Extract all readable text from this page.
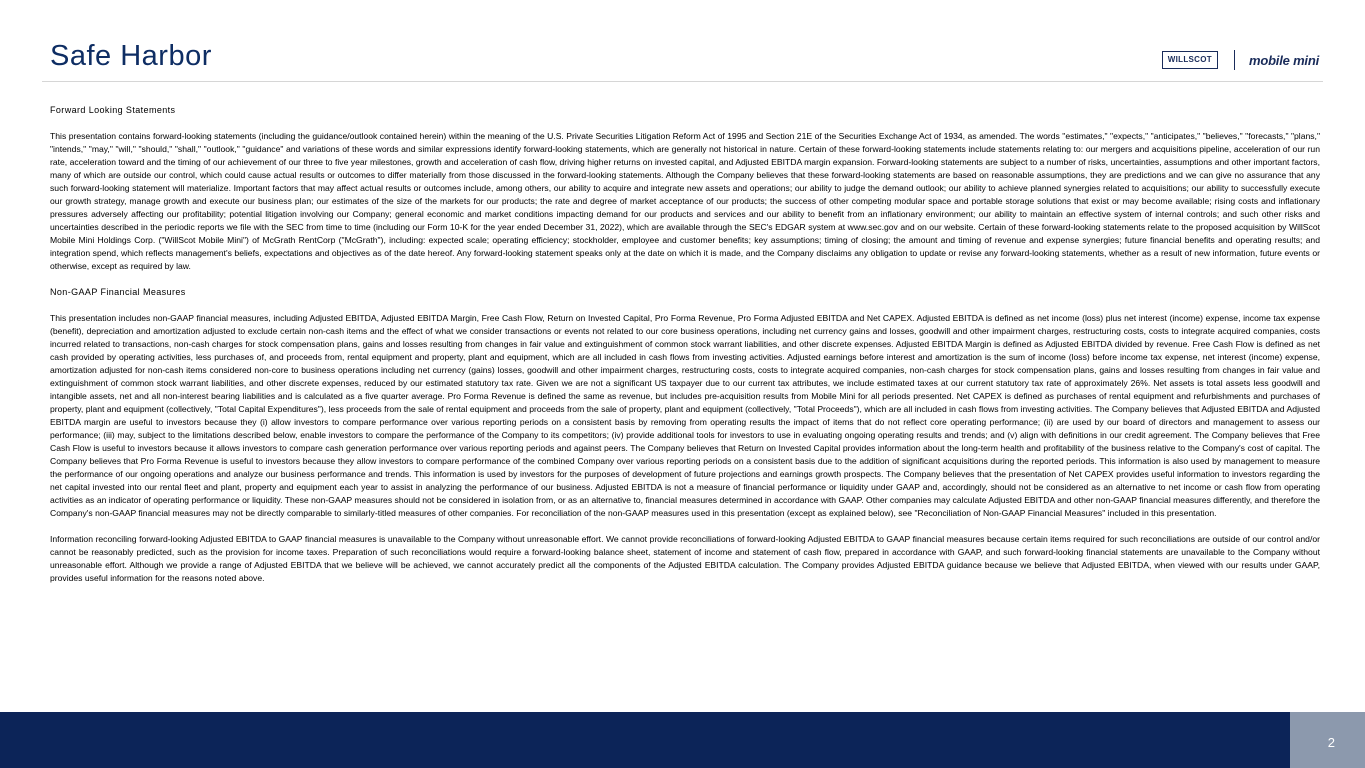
Safe Harbor	WILLSCOT	mobile mini
Forward Looking Statements

This presentation contains forward-looking statements (including the guidance/outlook contained herein) within the meaning of the U.S. Private Securities Litigation Reform Act of 1995 and Section 21E of the Securities Exchange Act of 1934, as amended. The words "estimates," "expects," "anticipates," "believes," "forecasts," "plans," "intends," "may," "will," "should," "shall," "outlook," "guidance" and variations of these words and similar expressions identify forward-looking statements, which are generally not historical in nature. Certain of these forward-looking statements include statements relating to: our mergers and acquisitions pipeline, acceleration of our run rate, acceleration toward and the timing of our achievement of our three to five year milestones, growth and acceleration of cash flow, driving higher returns on invested capital, and Adjusted EBITDA margin expansion. Forward-looking statements are subject to a number of risks, uncertainties, assumptions and other important factors, many of which are outside our control, which could cause actual results or outcomes to differ materially from those discussed in the forward-looking statements. Although the Company believes that these forward-looking statements are based on reasonable assumptions, they are predictions and we can give no assurance that any such forward-looking statement will materialize. Important factors that may affect actual results or outcomes include, among others, our ability to acquire and integrate new assets and operations; our ability to judge the demand outlook; our ability to achieve planned synergies related to acquisitions; our ability to successfully execute our growth strategy, manage growth and execute our business plan; our estimates of the size of the markets for our products; the rate and degree of market acceptance of our products; the success of other competing modular space and portable storage solutions that exist or may become available; rising costs and inflationary pressures adversely affecting our profitability; potential litigation involving our Company; general economic and market conditions impacting demand for our products and services and our ability to benefit from an inflationary environment; our ability to maintain an effective system of internal controls; and such other risks and uncertainties described in the periodic reports we file with the SEC from time to time (including our Form 10-K for the year ended December 31, 2022), which are available through the SEC's EDGAR system at www.sec.gov and on our website. Certain of these forward-looking statements relate to the proposed acquisition by WillScot Mobile Mini Holdings Corp. ("WillScot Mobile Mini") of McGrath RentCorp ("McGrath"), including: expected scale; operating efficiency; stockholder, employee and customer benefits; key assumptions; timing of closing; the amount and timing of revenue and expense synergies; future financial benefits and operating results; and integration spend, which reflects management's beliefs, expectations and objectives as of the date hereof. Any forward-looking statement speaks only at the date on which it is made, and the Company disclaims any obligation to update or revise any forward-looking statements, whether as a result of new information, future events or otherwise, except as required by law.

Non-GAAP Financial Measures

This presentation includes non-GAAP financial measures, including Adjusted EBITDA, Adjusted EBITDA Margin, Free Cash Flow, Return on Invested Capital, Pro Forma Revenue, Pro Forma Adjusted EBITDA and Net CAPEX. Adjusted EBITDA is defined as net income (loss) plus net interest (income) expense, income tax expense (benefit), depreciation and amortization adjusted to exclude certain non-cash items and the effect of what we consider transactions or events not related to our core business operations, including net currency gains and losses, goodwill and other impairment charges, restructuring costs, costs to integrate acquired companies, costs incurred related to transactions, non-cash charges for stock compensation plans, gains and losses resulting from changes in fair value and extinguishment of common stock warrant liabilities, and other discrete expenses. Adjusted EBITDA Margin is defined as Adjusted EBITDA divided by revenue. Free Cash Flow is defined as net cash provided by operating activities, less purchases of, and proceeds from, rental equipment and property, plant and equipment, which are all included in cash flows from investing activities. Adjusted earnings before interest and amortization is the sum of income (loss) before income tax expense, net interest (income) expense, amortization adjusted for non-cash items considered non-core to business operations including net currency (gains) losses, goodwill and other impairment charges, restructuring costs, costs to integrate acquired companies, non-cash charges for stock compensation plans, gains and losses resulting from changes in fair value and extinguishment of common stock warrant liabilities, and other discrete expenses, reduced by our estimated statutory tax rate. Given we are not a significant US taxpayer due to our current tax attributes, we include estimated taxes at our current statutory tax rate of approximately 26%. Net assets is total assets less goodwill and intangible assets, net and all non-interest bearing liabilities and is calculated as a five quarter average. Pro Forma Revenue is defined the same as revenue, but includes pre-acquisition results from Mobile Mini for all periods presented. Net CAPEX is defined as purchases of rental equipment and refurbishments and purchases of property, plant and equipment (collectively, "Total Capital Expenditures"), less proceeds from the sale of rental equipment and proceeds from the sale of property, plant and equipment (collectively, "Total Proceeds"), which are all included in cash flows from investing activities. The Company believes that Adjusted EBITDA and Adjusted EBITDA margin are useful to investors because they (i) allow investors to compare performance over various reporting periods on a consistent basis by removing from operating results the impact of items that do not reflect core operating performance; (ii) are used by our board of directors and management to assess our performance; (iii) may, subject to the limitations described below, enable investors to compare the performance of the Company to its competitors; (iv) provide additional tools for investors to use in evaluating ongoing operating results and trends; and (v) align with definitions in our credit agreement. The Company believes that Free Cash Flow is useful to investors because it allows investors to compare cash generation performance over various reporting periods and against peers. The Company believes that Return on Invested Capital provides information about the long-term health and profitability of the business relative to the Company's cost of capital. The Company believes that Pro Forma Revenue is useful to investors because they allow investors to compare performance of the combined Company over various reporting periods on a consistent basis due to the addition of significant acquisitions during the reported periods. This information is also used by management to measure the performance of our ongoing operations and analyze our business performance and trends. This information is used by investors for the purposes of development of future projections and earnings growth prospects. The Company believes that the presentation of Net CAPEX provides useful information to investors regarding the net capital invested into our rental fleet and plant, property and equipment each year to assist in analyzing the performance of our business. Adjusted EBITDA is not a measure of financial performance or liquidity under GAAP and, accordingly, should not be considered as an alternative to net income or cash flow from operating activities as an indicator of operating performance or liquidity. These non-GAAP measures should not be considered in isolation from, or as an alternative to, financial measures determined in accordance with GAAP. Other companies may calculate Adjusted EBITDA and other non-GAAP financial measures differently, and therefore the Company's non-GAAP financial measures may not be directly comparable to similarly-titled measures of other companies. For reconciliation of the non-GAAP measures used in this presentation (except as explained below), see "Reconciliation of Non-GAAP Financial Measures" included in this presentation.

Information reconciling forward-looking Adjusted EBITDA to GAAP financial measures is unavailable to the Company without unreasonable effort. We cannot provide reconciliations of forward-looking Adjusted EBITDA to GAAP financial measures because certain items required for such reconciliations are outside of our control and/or cannot be reasonably predicted, such as the provision for income taxes. Preparation of such reconciliations would require a forward-looking balance sheet, statement of income and statement of cash flow, prepared in accordance with GAAP, and such forward-looking financial statements are unavailable to the Company without unreasonable effort. Although we provide a range of Adjusted EBITDA that we believe will be achieved, we cannot accurately predict all the components of the Adjusted EBITDA calculation. The Company provides Adjusted EBITDA guidance because we believe that Adjusted EBITDA, when viewed with our results under GAAP, provides useful information for the reasons noted above.

2
